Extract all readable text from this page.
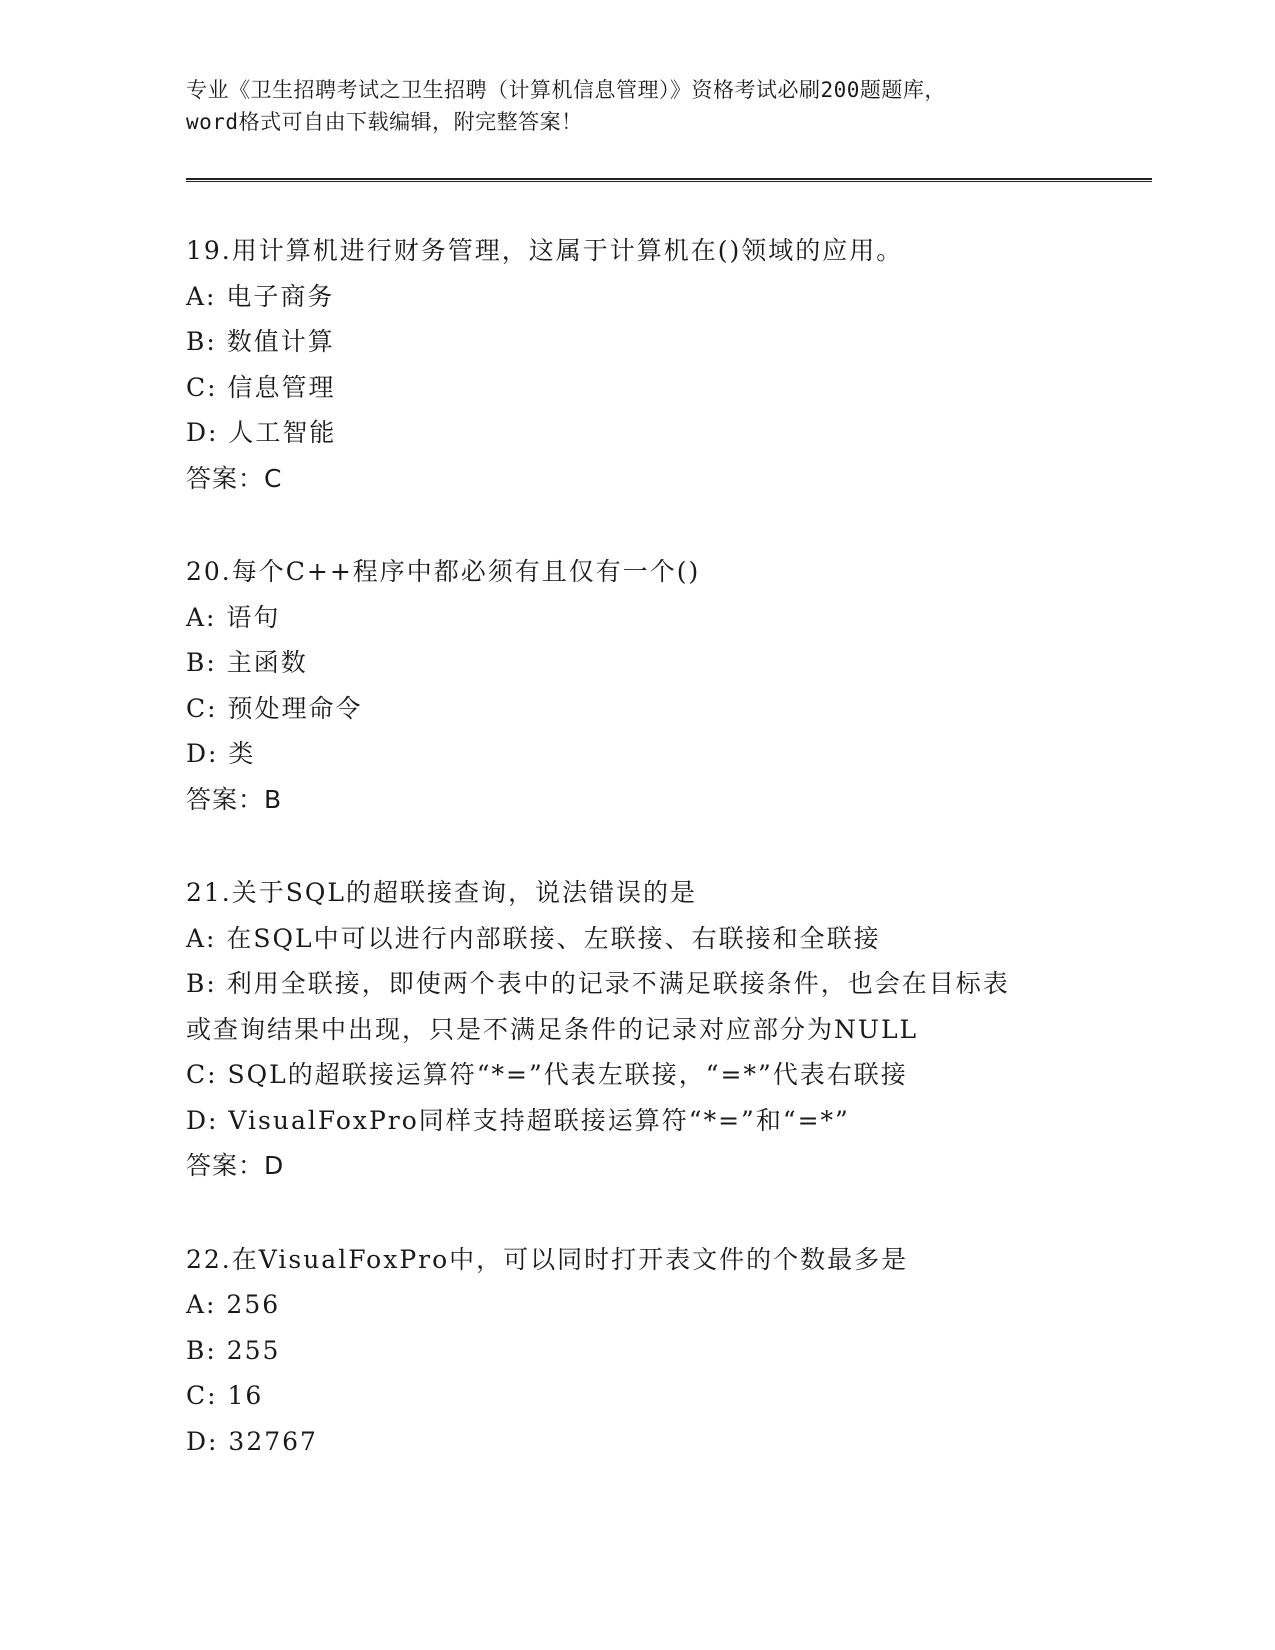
专业《卫生招聘考试之卫生招聘（计算机信息管理）》资格考试必刷200题题库，
word格式可自由下载编辑，附完整答案！
19.用计算机进行财务管理，这属于计算机在()领域的应用。
A: 电子商务
B: 数值计算
C: 信息管理
D: 人工智能
答案：C
20.每个C++程序中都必须有且仅有一个()
A: 语句
B: 主函数
C: 预处理命令
D: 类
答案：B
21.关于SQL的超联接查询，说法错误的是
A: 在SQL中可以进行内部联接、左联接、右联接和全联接
B: 利用全联接，即使两个表中的记录不满足联接条件，也会在目标表
或查询结果中出现，只是不满足条件的记录对应部分为NULL
C: SQL的超联接运算符“*=”代表左联接，“=*”代表右联接
D: VisualFoxPro同样支持超联接运算符“*=”和“=*”
答案：D
22.在VisualFoxPro中，可以同时打开表文件的个数最多是
A: 256
B: 255
C: 16
D: 32767
